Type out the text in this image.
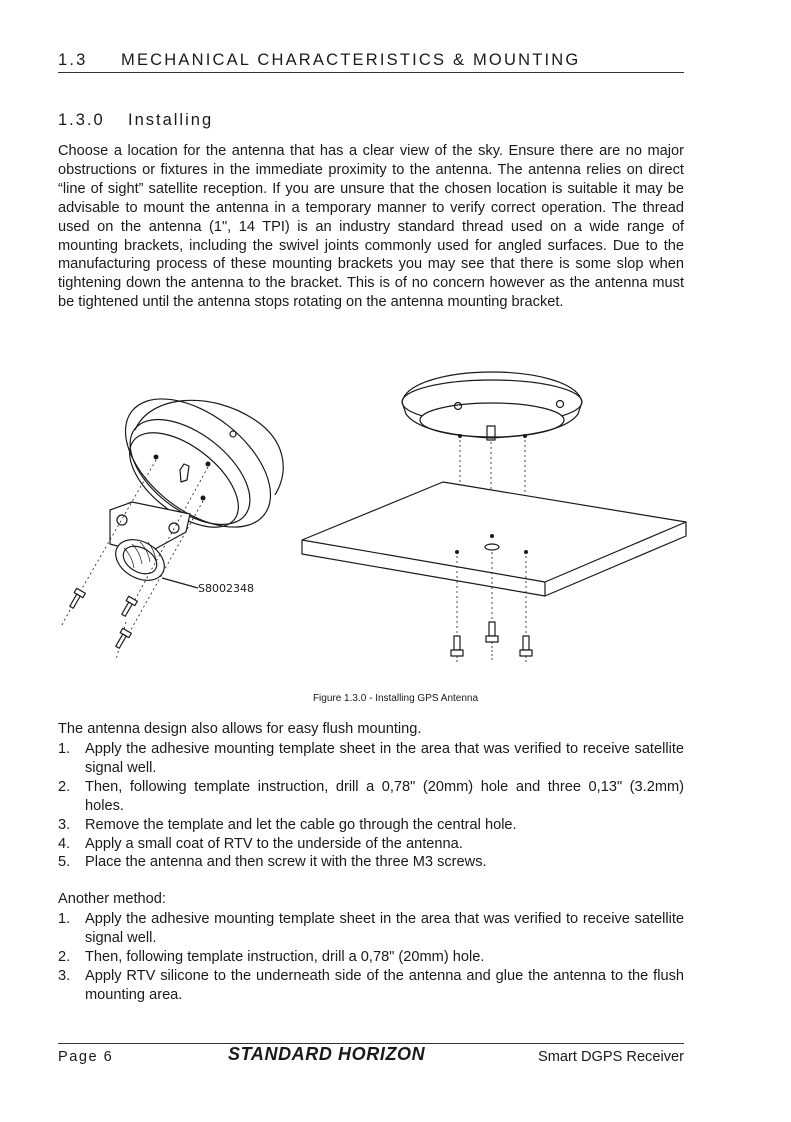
1.3	MECHANICAL CHARACTERISTICS & MOUNTING
1.3.0	Installing
Choose a location for the antenna that has a clear view of the sky. Ensure there are no major obstructions or fixtures in the immediate proximity to the antenna. The antenna relies on direct “line of sight” satellite reception. If you are unsure that the chosen location is suitable it may be advisable to mount the antenna in a temporary manner to verify correct operation. The thread used on the antenna (1", 14 TPI) is an industry standard thread used on a wide range of mounting brackets, including the swivel joints commonly used for angled surfaces. Due to the manufacturing process of these mounting brackets you may see that there is some slop when tightening down the antenna to the bracket. This is of no concern however as the antenna must be tightened until the antenna stops rotating on the antenna mounting bracket.
S8002348
Figure 1.3.0 - Installing GPS Antenna
The antenna design also allows for easy flush mounting.
1.	Apply the adhesive mounting template sheet in the area that was verified to receive satellite signal well.
2.	Then, following template instruction, drill a 0,78" (20mm) hole and three 0,13" (3.2mm) holes.
3.	Remove the template and let the cable go through the central hole.
4.	Apply a small coat of RTV to the underside of the antenna.
5.	Place the antenna and then screw it with the three M3 screws.
Another method:
1.	Apply the adhesive mounting template sheet in the area that was verified to receive satellite signal well.
2.	Then, following template instruction, drill a 0,78" (20mm) hole.
3.	Apply RTV silicone to the underneath side of the antenna and glue the antenna to the flush mounting area.
Page 6	STANDARD HORIZON	Smart DGPS Receiver
